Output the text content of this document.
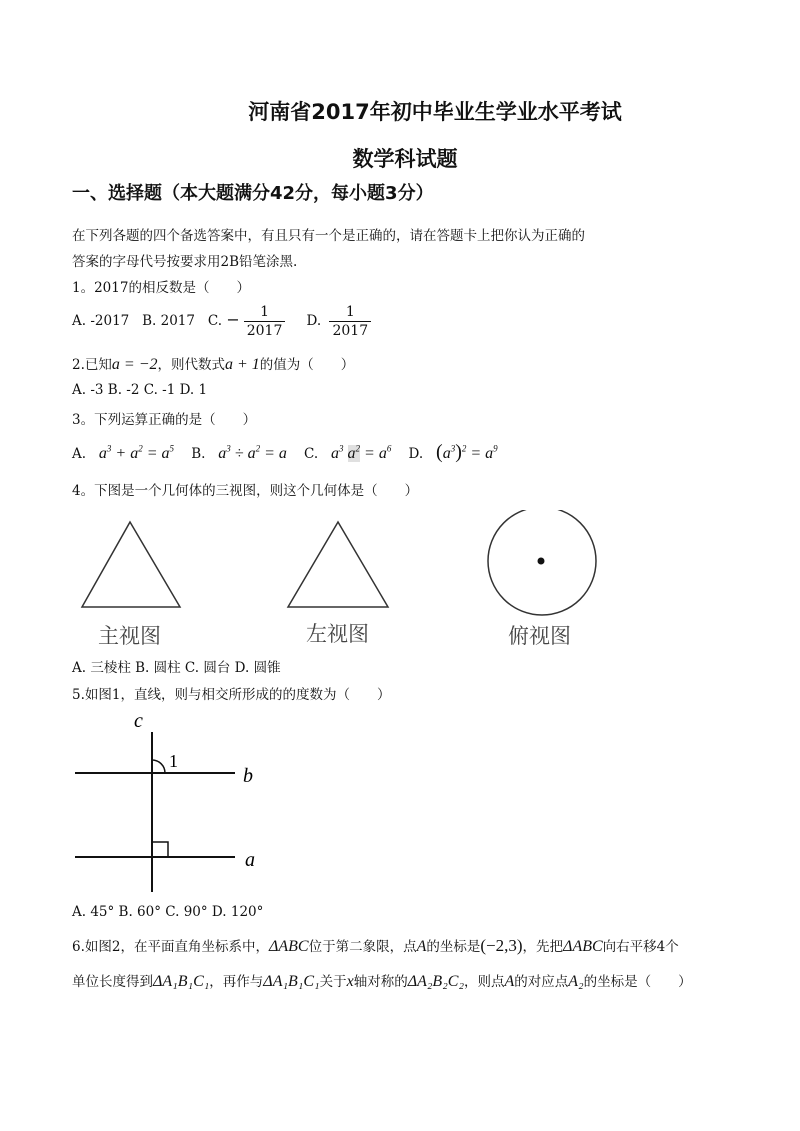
河南省2017年初中毕业生学业水平考试
数学科试题
一、选择题（本大题满分42分，每小题3分）
在下列各题的四个备选答案中，有且只有一个是正确的，请在答题卡上把你认为正确的
答案的字母代号按要求用2B铅笔涂黑.
1。2017的相反数是（　　）
A. -2017 B. 2017 C. − $\frac{1}{2017} D$. $\frac{1}{2017}$
2.已知a = −2，则代数式a + 1的值为（　　）
A. -3 B. -2 C. -1 D. 1
3。下列运算正确的是（　　）
A. $a^3 + a^2 = a^5$ B. $a^3 \div a^2 = a$ C. $a^3$ $a^2 = a^6$ D. $(a^3)^2 = a^9$
4。下图是一个几何体的三视图，则这个几何体是（　　）
主视图	左视图	俯视图
A. 三棱柱 B. 圆柱 C. 圆台 D. 圆锥
5.如图1，直线，则与相交所形成的的度数为（　　）
c
1
b
a
A. 45° B. 60° C. 90° D. 120°
6.如图2，在平面直角坐标系中，ΔABC位于第二象限，点A的坐标是(−2,3)，先把ΔABC向右平移4个
单位长度得到ΔA₁B₁C₁，再作与ΔA₁B₁C₁关于x轴对称的ΔA₂B₂C₂，则点A的对应点A₂的坐标是（　　）
